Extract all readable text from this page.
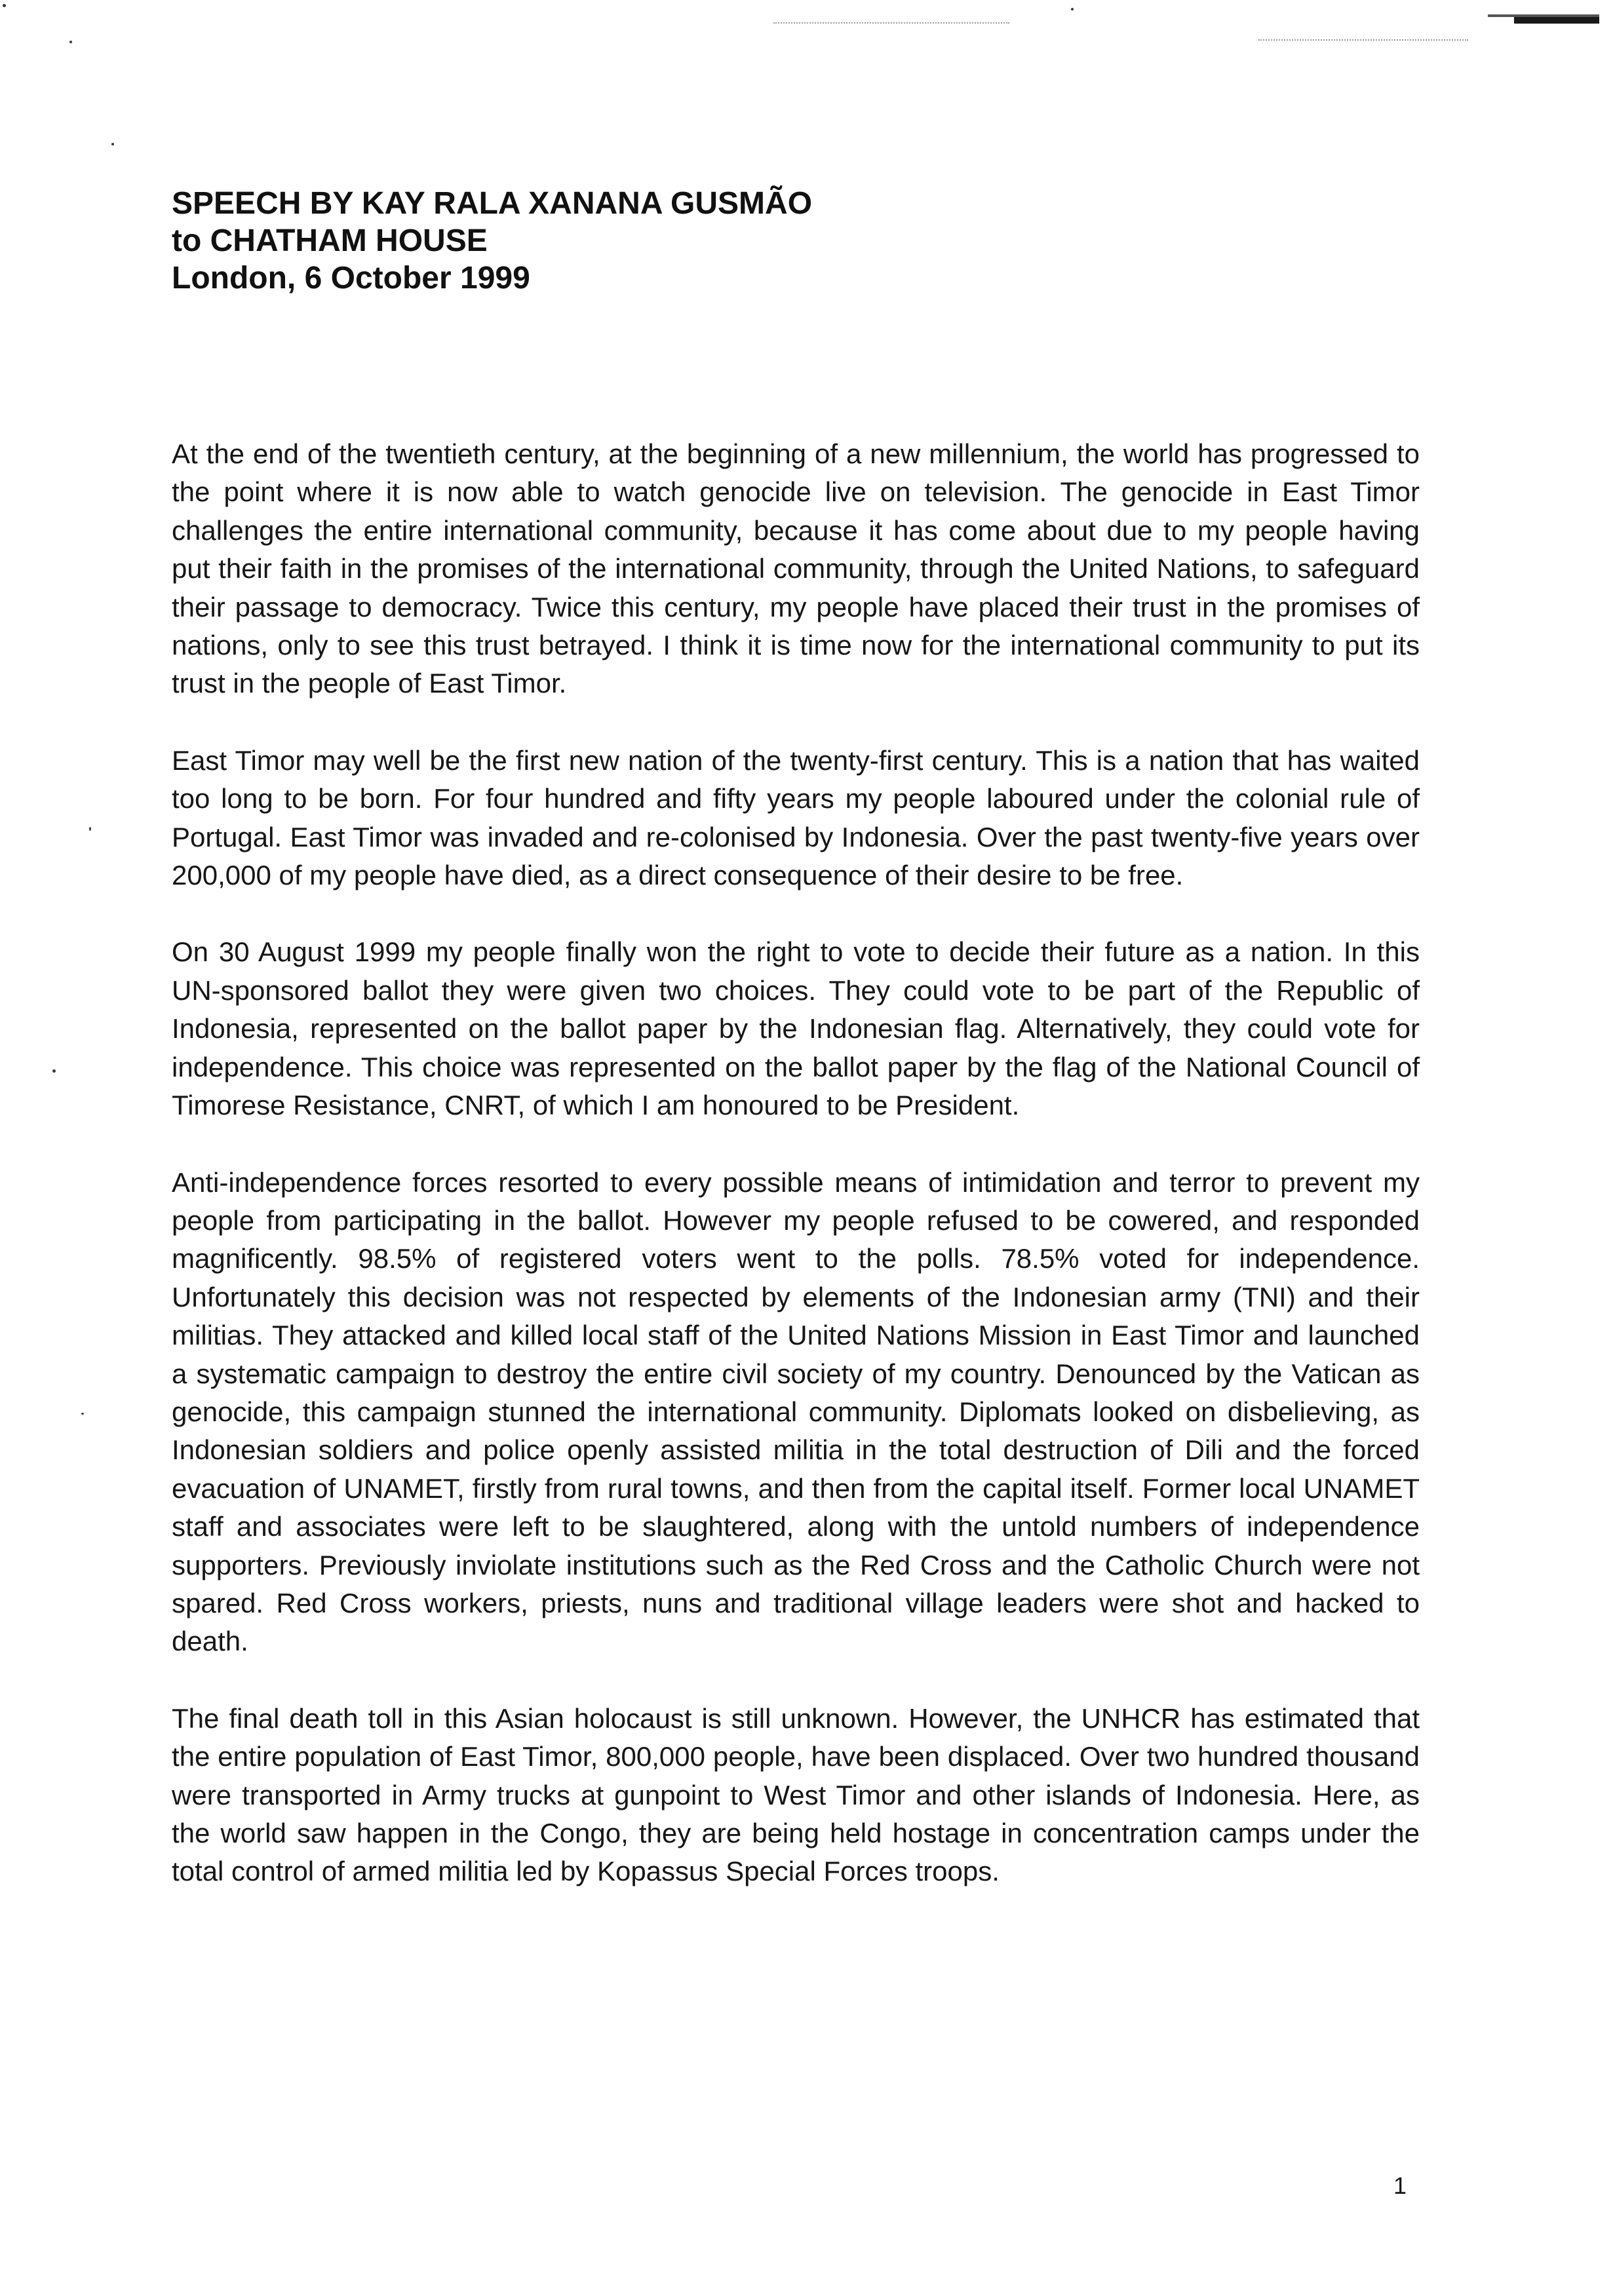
SPEECH BY KAY RALA XANANA GUSMÃO

to CHATHAM HOUSE

London, 6 October 1999

At the end of the twentieth century, at the beginning of a new millennium, the world has progressed to the point where it is now able to watch genocide live on television. The genocide in East Timor challenges the entire international community, because it has come about due to my people having put their faith in the promises of the international community, through the United Nations, to safeguard their passage to democracy. Twice this century, my people have placed their trust in the promises of nations, only to see this trust betrayed. I think it is time now for the international community to put its trust in the people of East Timor.

East Timor may well be the first new nation of the twenty-first century. This is a nation that has waited too long to be born. For four hundred and fifty years my people laboured under the colonial rule of Portugal. East Timor was invaded and re-colonised by Indonesia. Over the past twenty-five years over 200,000 of my people have died, as a direct consequence of their desire to be free.

On 30 August 1999 my people finally won the right to vote to decide their future as a nation. In this UN-sponsored ballot they were given two choices. They could vote to be part of the Republic of Indonesia, represented on the ballot paper by the Indonesian flag. Alternatively, they could vote for independence. This choice was represented on the ballot paper by the flag of the National Council of Timorese Resistance, CNRT, of which I am honoured to be President.

Anti-independence forces resorted to every possible means of intimidation and terror to prevent my people from participating in the ballot. However my people refused to be cowered, and responded magnificently. 98.5% of registered voters went to the polls. 78.5% voted for independence. Unfortunately this decision was not respected by elements of the Indonesian army (TNI) and their militias. They attacked and killed local staff of the United Nations Mission in East Timor and launched a systematic campaign to destroy the entire civil society of my country. Denounced by the Vatican as genocide, this campaign stunned the international community. Diplomats looked on disbelieving, as Indonesian soldiers and police openly assisted militia in the total destruction of Dili and the forced evacuation of UNAMET, firstly from rural towns, and then from the capital itself. Former local UNAMET staff and associates were left to be slaughtered, along with the untold numbers of independence supporters. Previously inviolate institutions such as the Red Cross and the Catholic Church were not spared. Red Cross workers, priests, nuns and traditional village leaders were shot and hacked to death.

The final death toll in this Asian holocaust is still unknown. However, the UNHCR has estimated that the entire population of East Timor, 800,000 people, have been displaced. Over two hundred thousand were transported in Army trucks at gunpoint to West Timor and other islands of Indonesia. Here, as the world saw happen in the Congo, they are being held hostage in concentration camps under the total control of armed militia led by Kopassus Special Forces troops.

1
